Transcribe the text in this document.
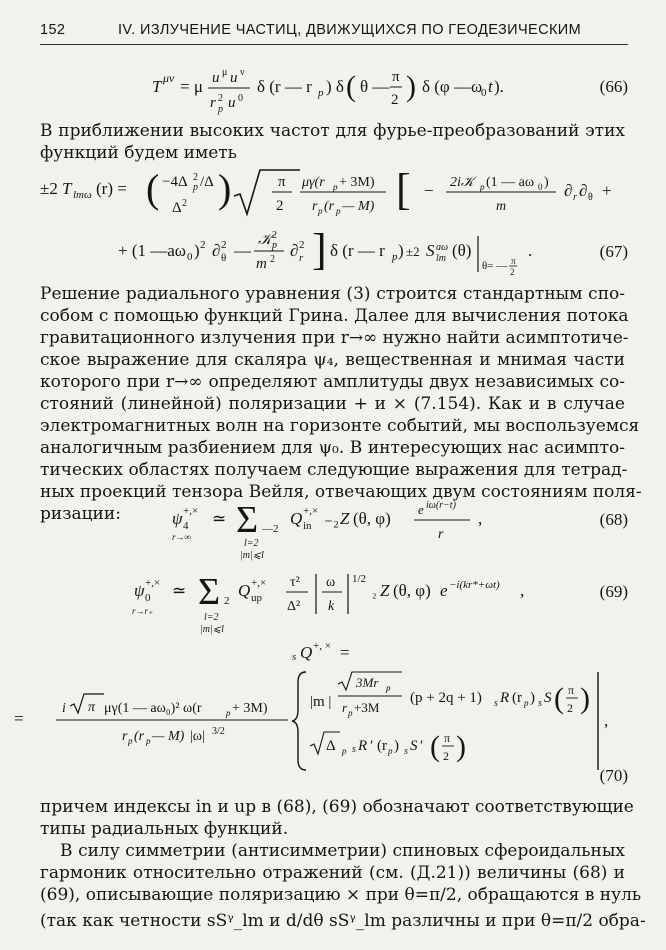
152	IV. ИЗЛУЧЕНИЕ ЧАСТИЦ, ДВИЖУЩИХСЯ ПО ГЕОДЕЗИЧЕСКИМ
T μν = μ u μ u ν
r 2
p u 0
δ (r — r p ) δ ( θ — π
2 ) δ (φ —ω
0 t ).	(66)
В приближении высоких частот для фурье-преобразований этих
функций будем иметь
±2 T lmω (r) = ( −4Δ 2
p /Δ
Δ 2 )	π
2
μγ(r p + 3M)
r p (r p — M) [ − 2i𝒦 p (1 — aω 0 )
m
∂ r ∂ θ +
+ (1 —aω 0 ) 2 ∂ 2
θ —
𝒦 2
p
m 2 ∂ 2
r ] δ (r — r p ) ±2 S aω
lm (θ)
θ= — π
2
.	(67)
Решение радиального уравнения (3) строится стандартным спо-
собом с помощью функций Грина. Далее для вычисления потока
гравитационного излучения при r→∞ нужно найти асимптотиче-
ское выражение для скаляра ψ₄, вещественная и мнимая части
которого при r→∞ определяют амплитуды двух независимых со-
стояний (линейной) поляризации + и × (7.154). Как и в случае
электромагнитных волн на горизонте событий, мы воспользуемся
аналогичным разбиением для ψ₀. В интересующих нас асимпто-
тических областях получаем следующие выражения для тетрад-
ных проекций тензора Вейля, отвечающих двум состояниям поля-
ризации:	ψ +,×
4
r→∞
≃ Σ —2
l=2
|m|⩽l
Q +,×
in ₋₂ Z (θ, φ) e iω(r−t)
r
,	(68)
ψ +,×
0
r→r₊
≃ Σ 2
l=2
|m|⩽l
Q +,×
up
τ²
Δ²
ω
k
1/2
₂ Z (θ, φ) e −i(kr*+ωt) ,	(69)
s Q +, × =
=
i π μγ(1 — aω₀)² ω(r	p + 3M)
r p (r p — M) |ω| 3/2
|m |
3Mr p
r p +3M
(p + 2q + 1) s R (r p ) s S ( π
2 )
Δ p s R ′ (r p ) s S ′ ( π
2 )
,
(70)
причем индексы in и up в (68), (69) обозначают соответствующие
типы радиальных функций.
В силу симметрии (антисимметрии) спиновых сфероидальных
гармоник относительно отражений (см. (Д.21)) величины (68) и
(69), описывающие поляризацию × при θ=π/2, обращаются в нуль
(так как четности sSᵞ_lm и d/dθ sSᵞ_lm различны и при θ=π/2 обра-
